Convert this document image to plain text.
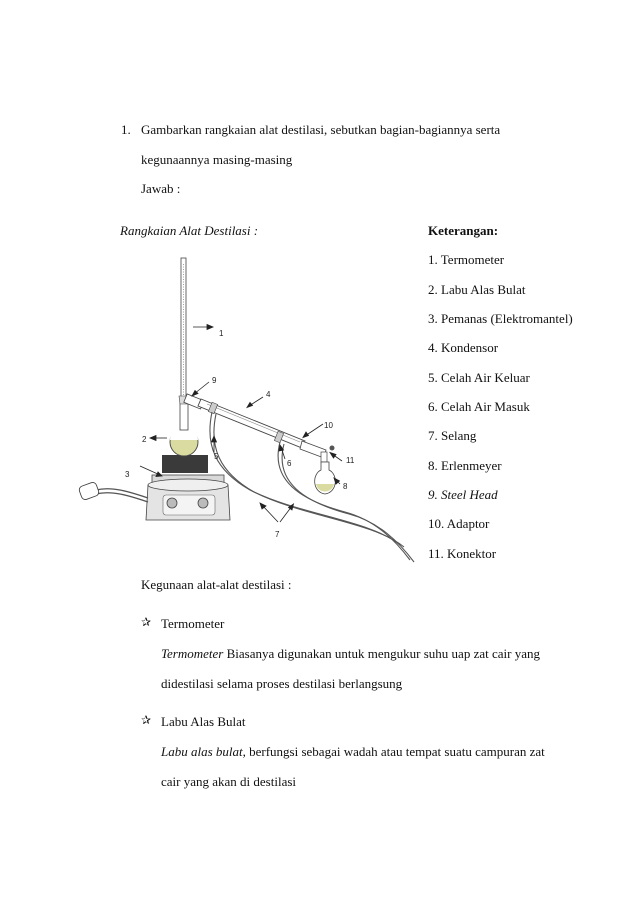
1. Gambarkan rangkaian alat destilasi, sebutkan bagian-bagiannya serta
kegunaannya masing-masing
Jawab :
Rangkaian Alat Destilasi :	Keterangan:
1. Termometer
2. Labu Alas Bulat
3. Pemanas (Elektromantel)
4. Kondensor
5. Celah Air Keluar
6. Celah Air Masuk
7. Selang
8. Erlenmeyer
9. Steel Head
10. Adaptor
11. Konektor
1
2
3
4
5
6
7
8
9
10
11
Kegunaan alat-alat destilasi :
✰ Termometer
Termometer Biasanya digunakan untuk mengukur suhu uap zat cair yang
didestilasi selama proses destilasi berlangsung
✰ Labu Alas Bulat
Labu alas bulat, berfungsi sebagai wadah atau tempat suatu campuran zat
cair yang akan di destilasi
